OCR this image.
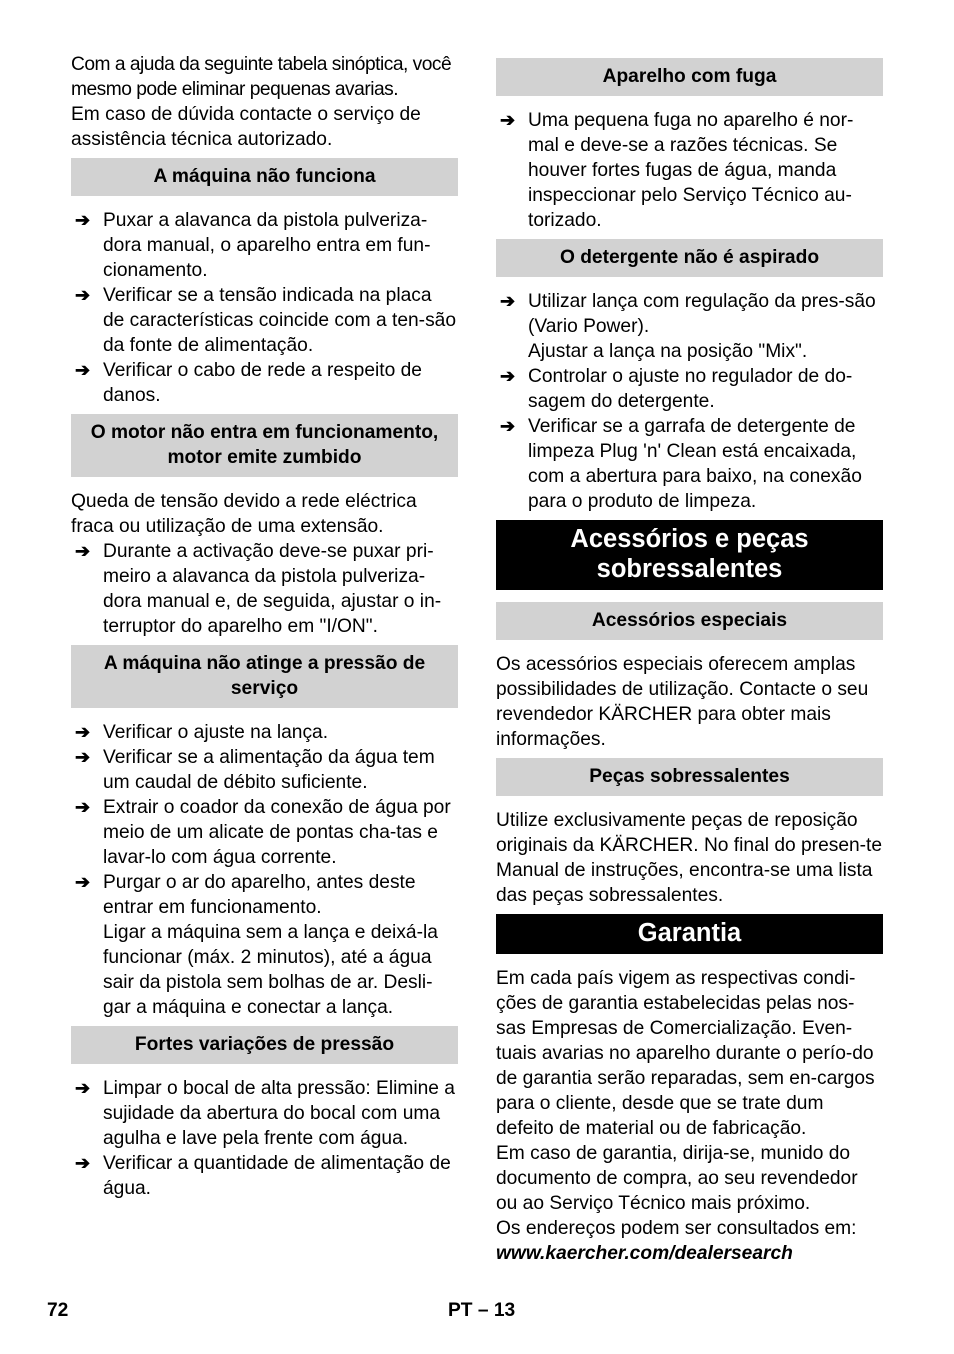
Com a ajuda da seguinte tabela sinóptica, você mesmo pode eliminar pequenas avarias.

Em caso de dúvida contacte o serviço de assistência técnica autorizado.

A máquina não funciona
➔ Puxar a alavanca da pistola pulveriza-dora manual, o aparelho entra em fun-cionamento.
➔ Verificar se a tensão indicada na placa de características coincide com a ten-são da fonte de alimentação.
➔ Verificar o cabo de rede a respeito de danos.
O motor não entra em funcionamento, motor emite zumbido

Queda de tensão devido a rede eléctrica fraca ou utilização de uma extensão.

➔ Durante a activação deve-se puxar pri-meiro a alavanca da pistola pulveriza-dora manual e, de seguida, ajustar o in-terruptor do aparelho em "I/ON".
A máquina não atinge a pressão de serviço
➔ Verificar o ajuste na lança.
➔ Verificar se a alimentação da água tem um caudal de débito suficiente.
➔ Extrair o coador da conexão de água por meio de um alicate de pontas cha-tas e lavar-lo com água corrente.
➔ Purgar o ar do aparelho, antes deste entrar em funcionamento.
Ligar a máquina sem a lança e deixá-la funcionar (máx. 2 minutos), até a água sair da pistola sem bolhas de ar. Desli-gar a máquina e conectar a lança.
Fortes variações de pressão
➔ Limpar o bocal de alta pressão: Elimine a sujidade da abertura do bocal com uma agulha e lave pela frente com água.
➔ Verificar a quantidade de alimentação de água.
Aparelho com fuga
➔ Uma pequena fuga no aparelho é nor-mal e deve-se a razões técnicas. Se houver fortes fugas de água, manda inspeccionar pelo Serviço Técnico au-torizado.
O detergente não é aspirado
➔ Utilizar lança com regulação da pres-são (Vario Power).
Ajustar a lança na posição "Mix".
➔ Controlar o ajuste no regulador de do-sagem do detergente.
➔ Verificar se a garrafa de detergente de limpeza Plug 'n' Clean está encaixada, com a abertura para baixo, na conexão para o produto de limpeza.
Acessórios e peças sobressalentes
Acessórios especiais

Os acessórios especiais oferecem amplas possibilidades de utilização. Contacte o seu revendedor KÄRCHER para obter mais informações.

Peças sobressalentes

Utilize exclusivamente peças de reposição originais da KÄRCHER. No final do presen-te Manual de instruções, encontra-se uma lista das peças sobressalentes.

Garantia

Em cada país vigem as respectivas condi-ções de garantia estabelecidas pelas nos-sas Empresas de Comercialização. Even-tuais avarias no aparelho durante o perío-do de garantia serão reparadas, sem en-cargos para o cliente, desde que se trate dum defeito de material ou de fabricação.

Em caso de garantia, dirija-se, munido do documento de compra, ao seu revendedor ou ao Serviço Técnico mais próximo.

Os endereços podem ser consultados em:

www.kaercher.com/dealersearch

72	PT – 13
